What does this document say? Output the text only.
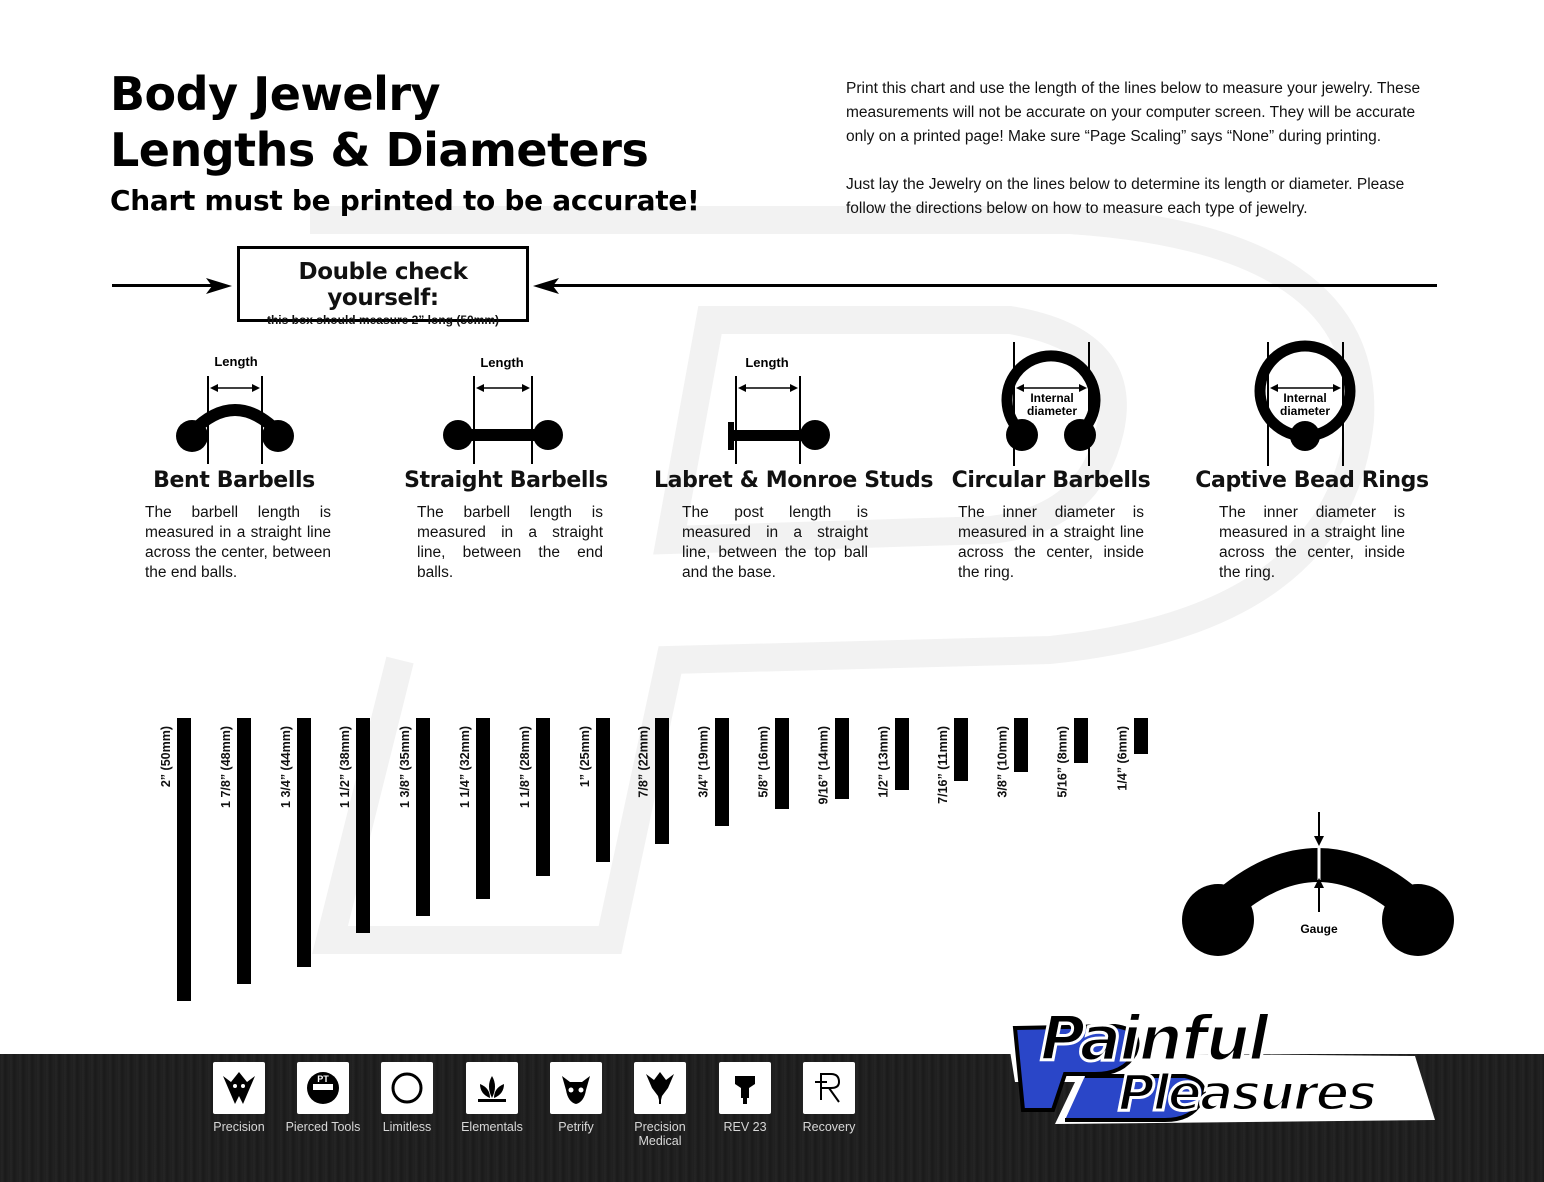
Body Jewelry
Lengths & Diameters
Chart must be printed to be accurate!

Print this chart and use the length of the lines below to measure your jewelry. These measurements will not be accurate on your computer screen. They will be accurate only on a printed page! Make sure “Page Scaling” says “None” during printing.

Just lay the Jewelry on the lines below to determine its length or diameter. Please follow the directions below on how to measure each type of jewelry.

Double check yourself:
this box should measure 2” long (50mm)
Length
Bent Barbells
The barbell length is measured in a straight line across the center, between the end balls.
Length
Straight Barbells
The barbell length is measured in a straight line, between the end balls.
Length
Labret & Monroe Studs
The post length is measured in a straight line, between the top ball and the base.
Internal
diameter
Circular Barbells
The inner diameter is measured in a straight line across the center, inside the ring.
Internal
diameter
Captive Bead Rings
The inner diameter is measured in a straight line across the center, inside the ring.
2” (50mm)	1 7/8” (48mm)	1 3/4” (44mm)	1 1/2” (38mm)	1 3/8” (35mm)	1 1/4” (32mm)	1 1/8” (28mm)	1” (25mm)	7/8” (22mm)	3/4” (19mm)	5/8” (16mm)	9/16” (14mm)	1/2” (13mm)	7/16” (11mm)	3/8” (10mm)	5/16” (8mm)	1/4” (6mm)
Gauge
Precision
PT
Pierced Tools	Limitless	Elementals	Petrify	Precision Medical
REV 23	Recovery
Painful
Pleasures
